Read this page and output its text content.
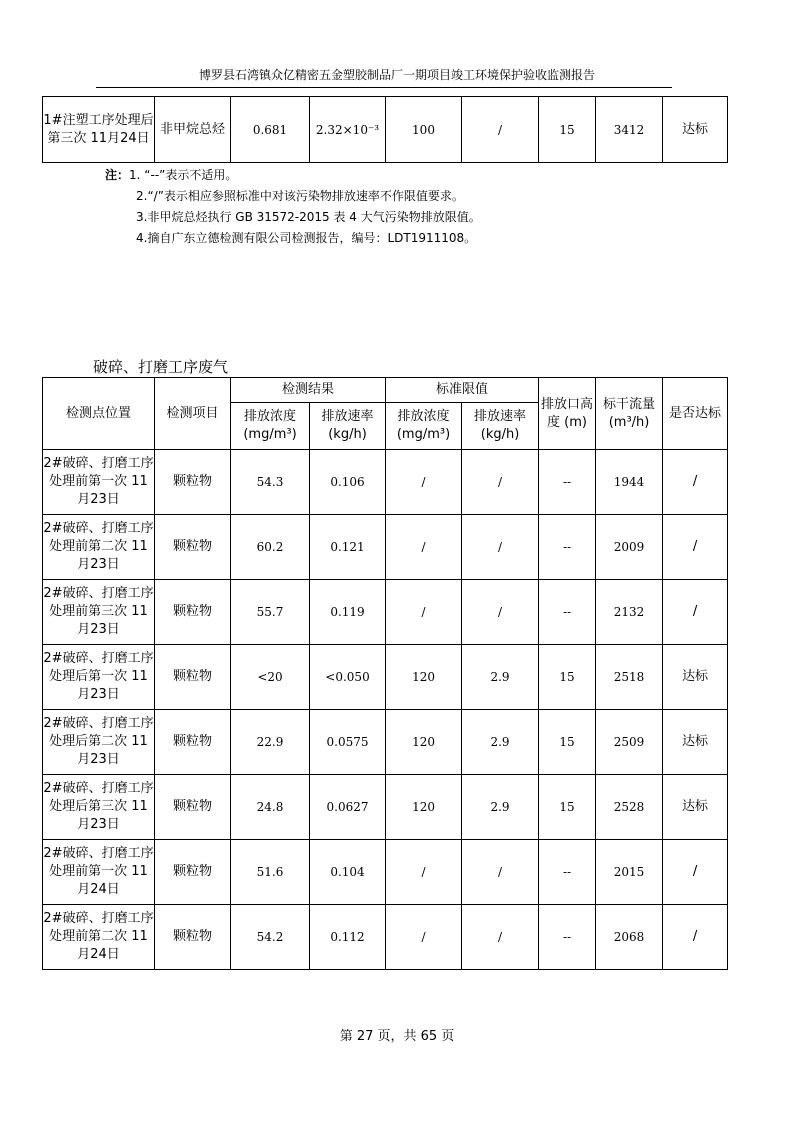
博罗县石湾镇众亿精密五金塑胶制品厂一期项目竣工环境保护验收监测报告
1#注塑工序处理后第三次 11月24日	非甲烷总烃	0.681	2.32×10⁻³	100	/	15	3412	达标
注：1. “--”表示不适用。
2.“/”表示相应参照标准中对该污染物排放速率不作限值要求。
3.非甲烷总烃执行 GB 31572-2015 表 4 大气污染物排放限值。
4.摘自广东立德检测有限公司检测报告，编号：LDT1911108。
破碎、打磨工序废气
检测点位置	检测项目	检测结果		标准限值		排放口高度 (m)	标干流量 (m³/h)	是否达标
		排放浓度 (mg/m³)	排放速率 (kg/h)	排放浓度 (mg/m³)	排放速率 (kg/h)			
2#破碎、打磨工序处理前第一次 11月23日	颗粒物	54.3	0.106	/	/	--	1944	/
2#破碎、打磨工序处理前第二次 11月23日	颗粒物	60.2	0.121	/	/	--	2009	/
2#破碎、打磨工序处理前第三次 11月23日	颗粒物	55.7	0.119	/	/	--	2132	/
2#破碎、打磨工序处理后第一次 11月23日	颗粒物	<20	<0.050	120	2.9	15	2518	达标
2#破碎、打磨工序处理后第二次 11月23日	颗粒物	22.9	0.0575	120	2.9	15	2509	达标
2#破碎、打磨工序处理后第三次 11月23日	颗粒物	24.8	0.0627	120	2.9	15	2528	达标
2#破碎、打磨工序处理前第一次 11月24日	颗粒物	51.6	0.104	/	/	--	2015	/
2#破碎、打磨工序处理前第二次 11月24日	颗粒物	54.2	0.112	/	/	--	2068	/
第 27 页，共 65 页
